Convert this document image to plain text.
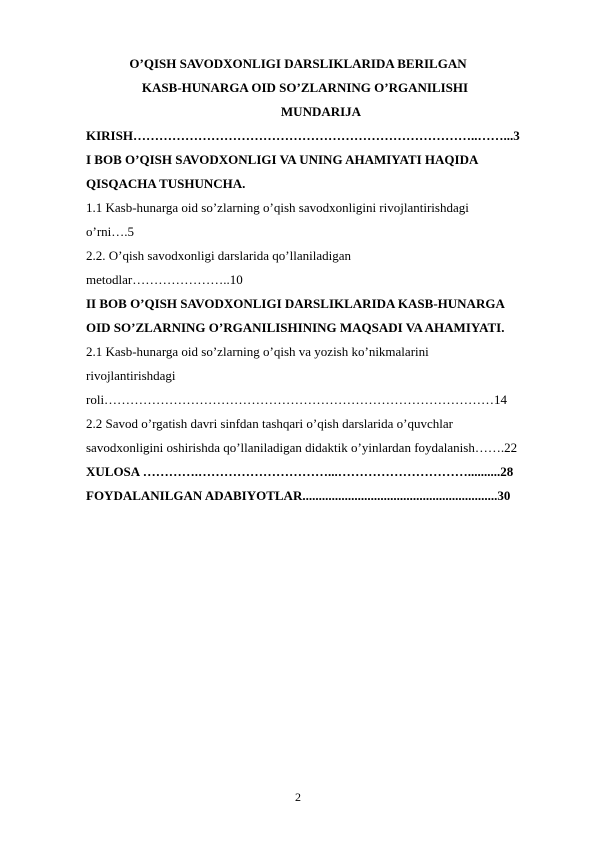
O’QISH SAVODXONLIGI DARSLIKLARIDA BERILGAN
KASB-HUNARGA OID SO’ZLARNING O’RGANILISHI
MUNDARIJA
KIRISH……………………………………………………………………..……...3
I BOB O’QISH SAVODXONLIGI VA UNING AHAMIYATI HAQIDA
QISQACHA TUSHUNCHA.
1.1 Kasb-hunarga oid so’zlarning o’qish savodxonligini rivojlantirishdagi
o’rni….5
2.2. O’qish savodxonligi darslarida qo’llaniladigan
metodlar…………………..10
II BOB O’QISH SAVODXONLIGI DARSLIKLARIDA KASB-HUNARGA
OID SO’ZLARNING O’RGANILISHINING MAQSADI VA AHAMIYATI.
2.1 Kasb-hunarga oid so’zlarning o’qish va yozish ko’nikmalarini
rivojlantirishdagi
roli………………………………………………………………………………14
2.2 Savod o’rgatish davri sinfdan tashqari o’qish darslarida o’quvchlar
savodxonligini oshirishda qo’llaniladigan didaktik o’yinlardan foydalanish…….22
XULOSA ………….…………………………...…………………………..........28
FOYDALANILGAN ADABIYOTLAR............................................................30
2
